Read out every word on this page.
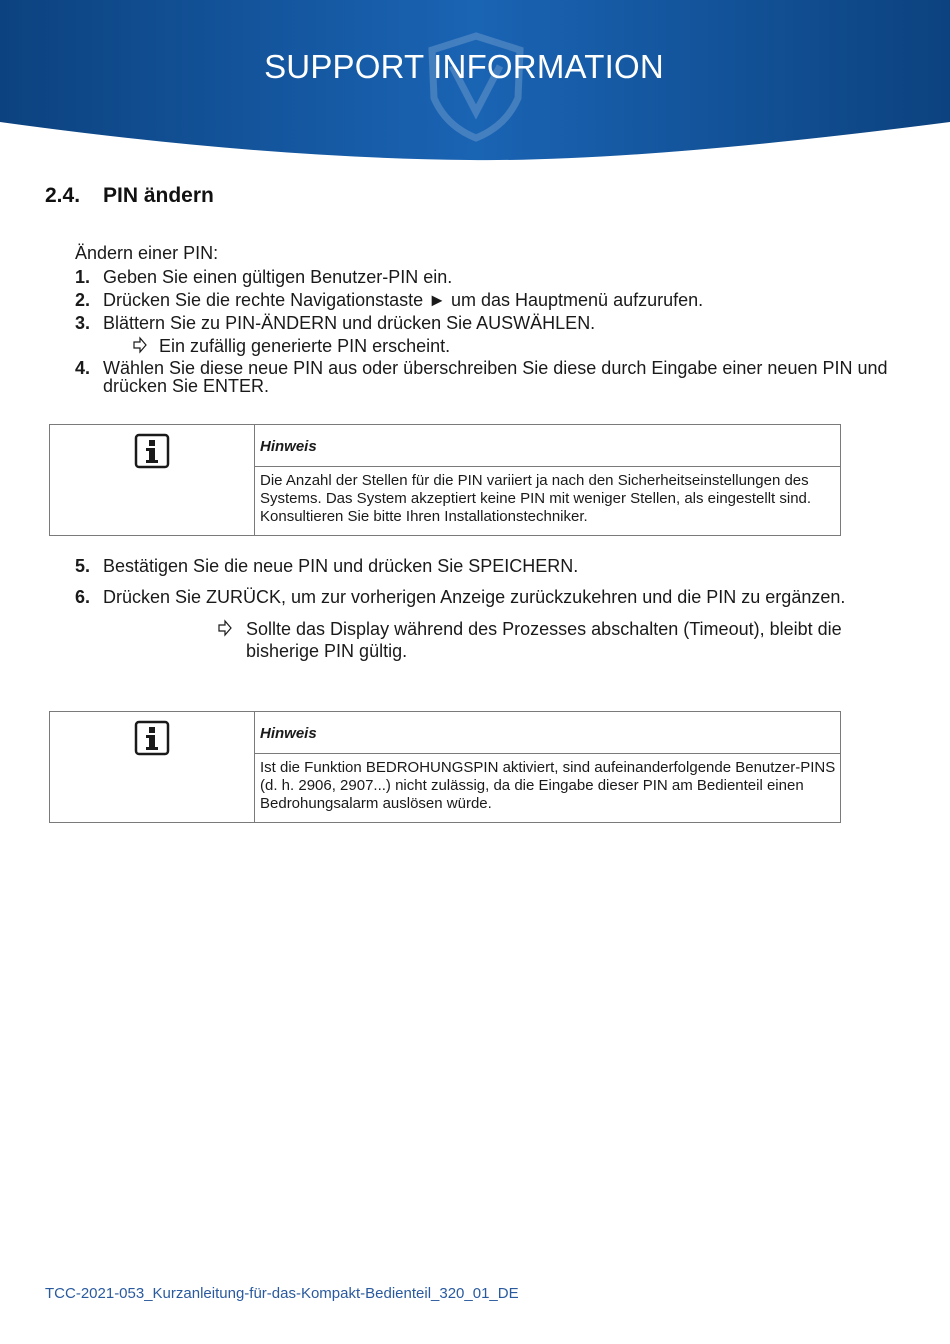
SUPPORT INFORMATION
2.4. PIN ändern
Ändern einer PIN:
1. Geben Sie einen gültigen Benutzer-PIN ein.
2. Drücken Sie die rechte Navigationstaste ► um das Hauptmenü aufzurufen.
3. Blättern Sie zu PIN-ÄNDERN und drücken Sie AUSWÄHLEN.
Ein zufällig generierte PIN erscheint.
4. Wählen Sie diese neue PIN aus oder überschreiben Sie diese durch Eingabe einer neuen PIN und drücken Sie ENTER.
Hinweis
Die Anzahl der Stellen für die PIN variiert ja nach den Sicherheitseinstellungen des Systems. Das System akzeptiert keine PIN mit weniger Stellen, als eingestellt sind. Konsultieren Sie bitte Ihren Installationstechniker.
5. Bestätigen Sie die neue PIN und drücken Sie SPEICHERN.
6. Drücken Sie ZURÜCK, um zur vorherigen Anzeige zurückzukehren und die PIN zu ergänzen.
Sollte das Display während des Prozesses abschalten (Timeout), bleibt die bisherige PIN gültig.
Hinweis
Ist die Funktion BEDROHUNGSPIN aktiviert, sind aufeinanderfolgende Benutzer-PINS (d. h. 2906, 2907...) nicht zulässig, da die Eingabe dieser PIN am Bedienteil einen Bedrohungsalarm auslösen würde.
TCC-2021-053_Kurzanleitung-für-das-Kompakt-Bedienteil_320_01_DE
